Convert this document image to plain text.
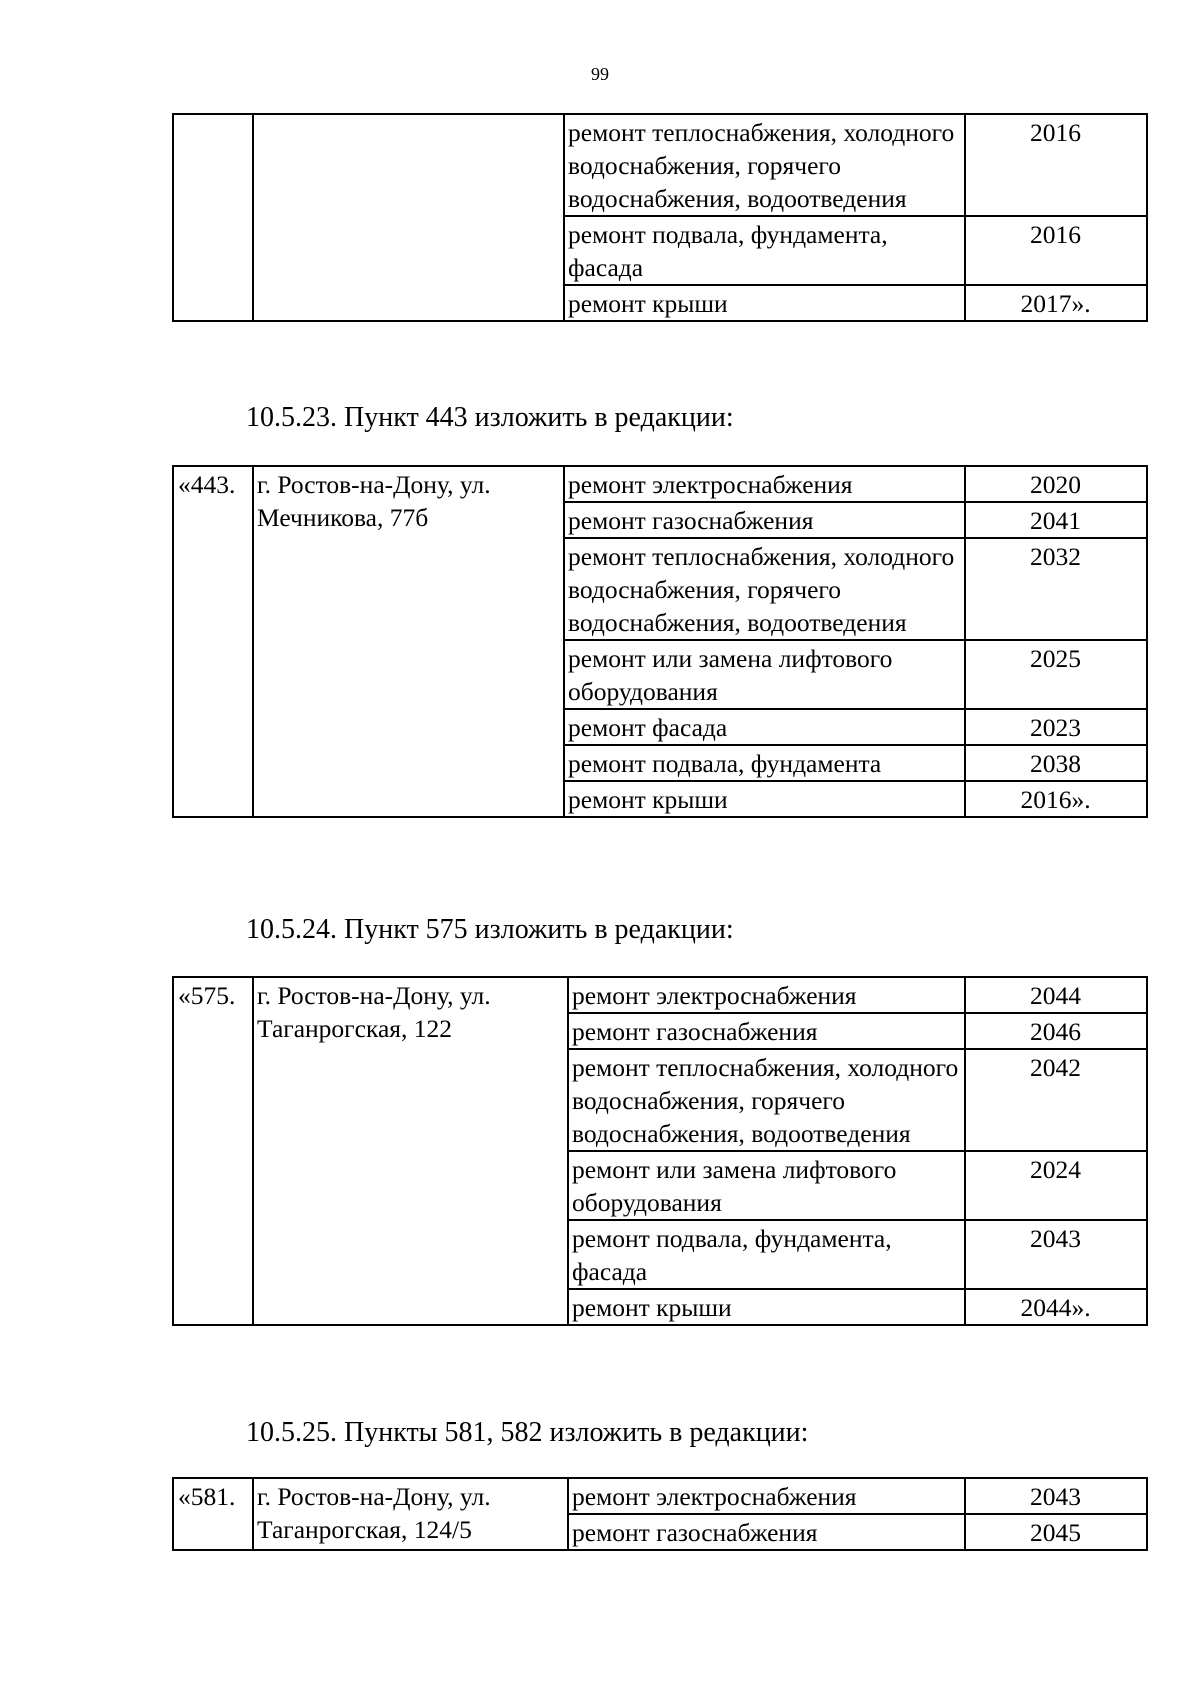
99
		ремонт теплоснабжения, холодного водоснабжения, горячего водоснабжения, водоотведения	2016
		ремонт подвала, фундамента, фасада	2016
		ремонт крыши	2017».
10.5.23. Пункт 443 изложить в редакции:
«443.	г. Ростов-на-Дону, ул. Мечникова, 77б	ремонт электроснабжения	2020
		ремонт газоснабжения	2041
		ремонт теплоснабжения, холодного водоснабжения, горячего водоснабжения, водоотведения	2032
		ремонт или замена лифтового оборудования	2025
		ремонт фасада	2023
		ремонт подвала, фундамента	2038
		ремонт крыши	2016».
10.5.24. Пункт 575 изложить в редакции:
«575.	г. Ростов-на-Дону, ул. Таганрогская, 122	ремонт электроснабжения	2044
		ремонт газоснабжения	2046
		ремонт теплоснабжения, холодного водоснабжения, горячего водоснабжения, водоотведения	2042
		ремонт или замена лифтового оборудования	2024
		ремонт подвала, фундамента, фасада	2043
		ремонт крыши	2044».
10.5.25. Пункты 581, 582 изложить в редакции:
«581.	г. Ростов-на-Дону, ул. Таганрогская, 124/5	ремонт электроснабжения	2043
		ремонт газоснабжения	2045
